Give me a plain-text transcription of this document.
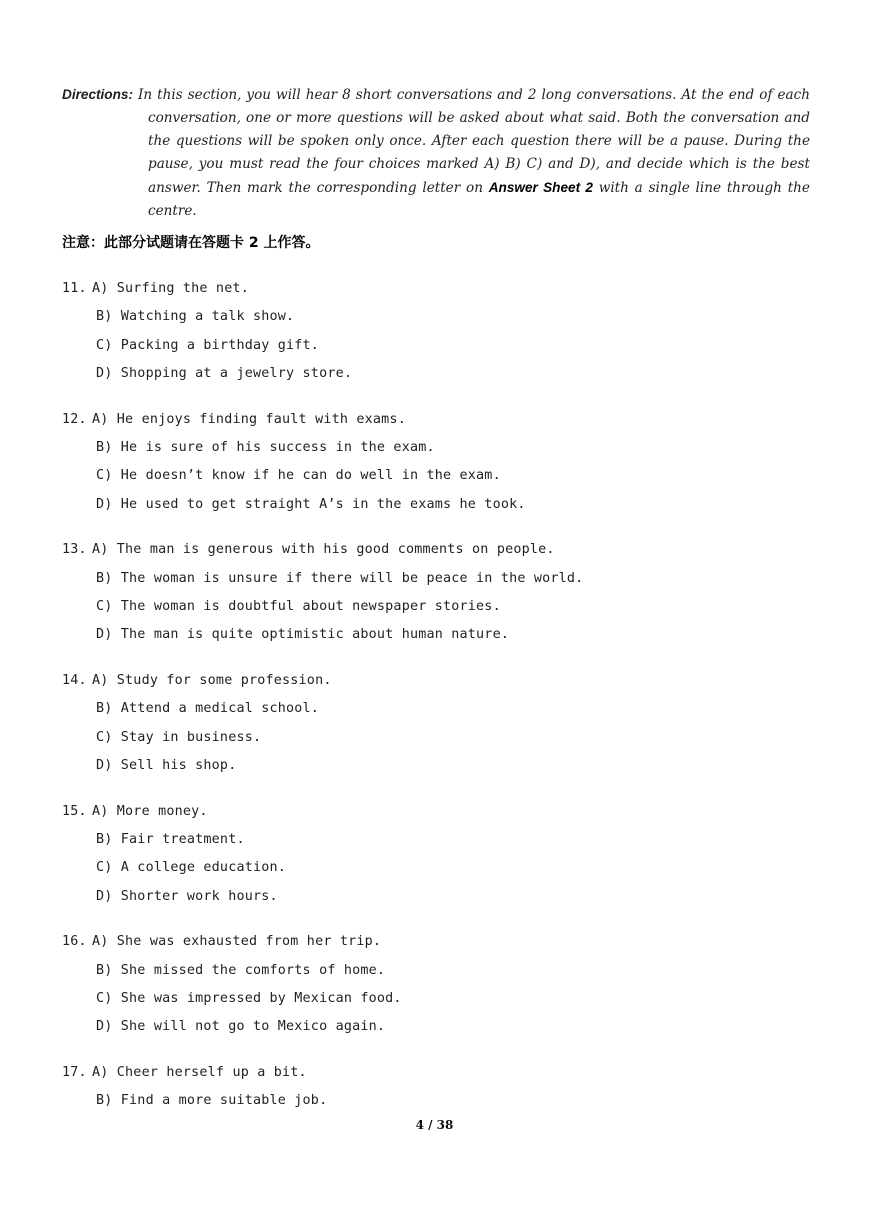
Directions: In this section, you will hear 8 short conversations and 2 long conversations. At the end of each conversation, one or more questions will be asked about what said. Both the conversation and the questions will be spoken only once. After each question there will be a pause. During the pause, you must read the four choices marked A) B) C) and D), and decide which is the best answer. Then mark the corresponding letter on Answer Sheet 2 with a single line through the centre.
注意：此部分试题请在答题卡 2 上作答。
11. A) Surfing the net.
B) Watching a talk show.
C) Packing a birthday gift.
D) Shopping at a jewelry store.
12. A) He enjoys finding fault with exams.
B) He is sure of his success in the exam.
C) He doesn’t know if he can do well in the exam.
D) He used to get straight A’s in the exams he took.
13. A) The man is generous with his good comments on people.
B) The woman is unsure if there will be peace in the world.
C) The woman is doubtful about newspaper stories.
D) The man is quite optimistic about human nature.
14. A) Study for some profession.
B) Attend a medical school.
C) Stay in business.
D) Sell his shop.
15. A) More money.
B) Fair treatment.
C) A college education.
D) Shorter work hours.
16. A) She was exhausted from her trip.
B) She missed the comforts of home.
C) She was impressed by Mexican food.
D) She will not go to Mexico again.
17. A) Cheer herself up a bit.
B) Find a more suitable job.
4 / 38
